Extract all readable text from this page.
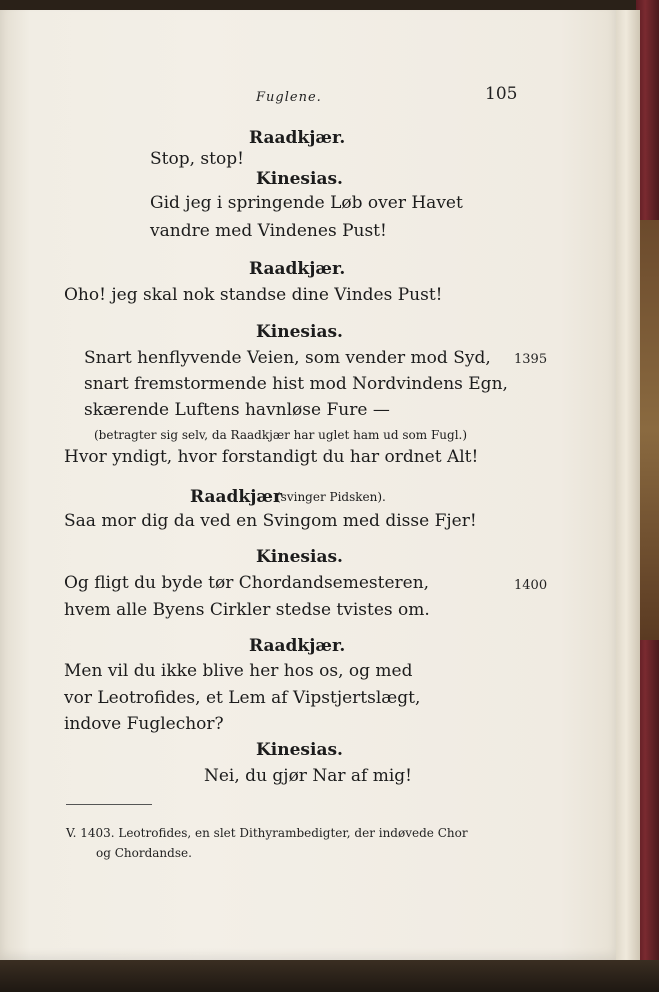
Fuglene.	105
Raadkjær.
Stop, stop!
Kinesias.
Gid jeg i springende Løb over Havet
vandre med Vindenes Pust!
Raadkjær.
Oho! jeg skal nok standse dine Vindes Pust!
Kinesias.
Snart henflyvende Veien, som vender mod Syd, 1395
snart fremstormende hist mod Nordvindens Egn,
skærende Luftens havnløse Fure —
(betragter sig selv, da Raadkjær har uglet ham ud som Fugl.)
Hvor yndigt, hvor forstandigt du har ordnet Alt!
Raadkjær
(svinger Pidsken).
Saa mor dig da ved en Svingom med disse Fjer!
Kinesias.
Og fligt du byde tør Chordandsemesteren,	1400
hvem alle Byens Cirkler stedse tvistes om.
Raadkjær.
Men vil du ikke blive her hos os, og med
vor Leotrofides, et Lem af Vipstjertslægt,
indove Fuglechor?
Kinesias.
Nei, du gjør Nar af mig!
V. 1403. Leotrofides, en slet Dithyrambedigter, der indøvede Chor
og Chordandse.
